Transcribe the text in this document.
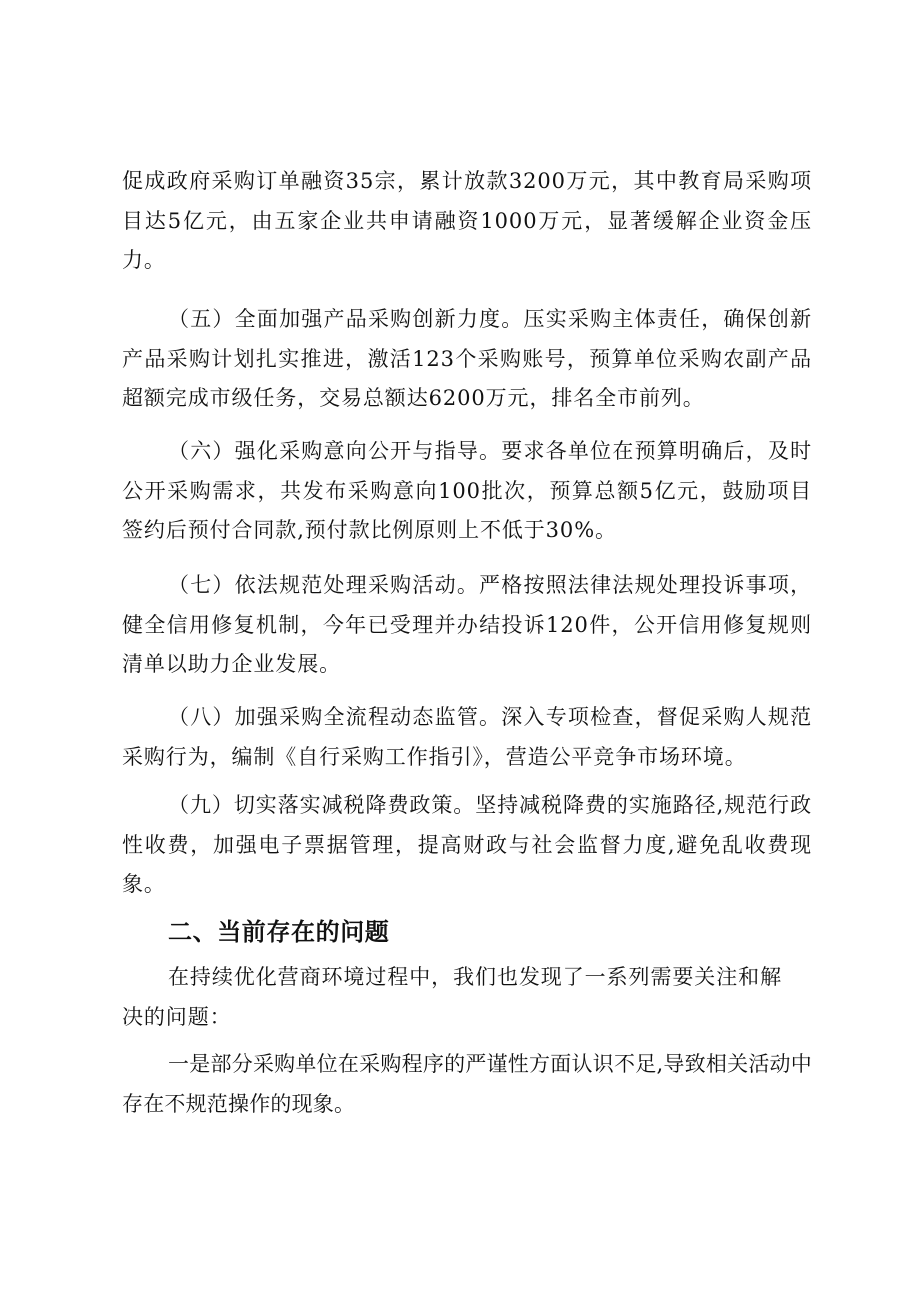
促成政府采购订单融资35宗，累计放款3200万元，其中教育局采购项目达5亿元，由五家企业共申请融资1000万元，显著缓解企业资金压力。

（五）全面加强产品采购创新力度。压实采购主体责任，确保创新产品采购计划扎实推进，激活123个采购账号，预算单位采购农副产品超额完成市级任务，交易总额达6200万元，排名全市前列。

（六）强化采购意向公开与指导。要求各单位在预算明确后，及时公开采购需求，共发布采购意向100批次，预算总额5亿元，鼓励项目签约后预付合同款,预付款比例原则上不低于30%。

（七）依法规范处理采购活动。严格按照法律法规处理投诉事项，健全信用修复机制，今年已受理并办结投诉120件，公开信用修复规则清单以助力企业发展。

（八）加强采购全流程动态监管。深入专项检查，督促采购人规范采购行为，编制《自行采购工作指引》，营造公平竞争市场环境。

（九）切实落实减税降费政策。坚持减税降费的实施路径,规范行政性收费，加强电子票据管理，提高财政与社会监督力度,避免乱收费现象。

二、当前存在的问题

在持续优化营商环境过程中，我们也发现了一系列需要关注和解决的问题：

一是部分采购单位在采购程序的严谨性方面认识不足,导致相关活动中存在不规范操作的现象。
